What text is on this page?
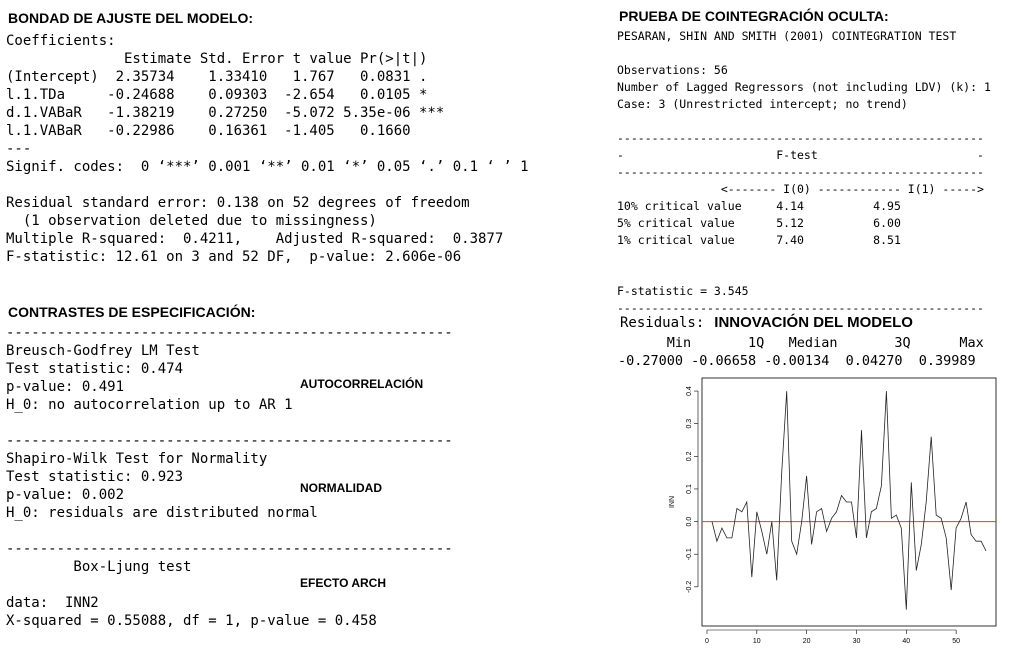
BONDAD DE AJUSTE DEL MODELO:
Coefficients:
Estimate Std. Error t value Pr(>|t|)
(Intercept)  2.35734    1.33410   1.767   0.0831 .
l.1.TDa     -0.24688    0.09303  -2.654   0.0105 *
d.1.VABaR   -1.38219    0.27250  -5.072 5.35e-06 ***
l.1.VABaR   -0.22986    0.16361  -1.405   0.1660
---
Signif. codes:  0 ‘***’ 0.001 ‘**’ 0.01 ‘*’ 0.05 ‘.’ 0.1 ‘ ’ 1

Residual standard error: 0.138 on 52 degrees of freedom
(1 observation deleted due to missingness)
Multiple R-squared:  0.4211,    Adjusted R-squared:  0.3877
F-statistic: 12.61 on 3 and 52 DF,  p-value: 2.606e-06
CONTRASTES DE ESPECIFICACIÓN:
-----------------------------------------------------
Breusch-Godfrey LM Test
Test statistic: 0.474
p-value: 0.491
H_0: no autocorrelation up to AR 1
AUTOCORRELACIÓN
-----------------------------------------------------
Shapiro-Wilk Test for Normality
Test statistic: 0.923
p-value: 0.002
H_0: residuals are distributed normal
NORMALIDAD
-----------------------------------------------------
Box-Ljung test

data:  INN2
X-squared = 0.55088, df = 1, p-value = 0.458
EFECTO ARCH
PRUEBA DE COINTEGRACIÓN OCULTA:
PESARAN, SHIN AND SMITH (2001) COINTEGRATION TEST

Observations: 56
Number of Lagged Regressors (not including LDV) (k): 1
Case: 3 (Unrestricted intercept; no trend)

-----------------------------------------------------
-                      F-test                       -
-----------------------------------------------------
<------- I(0) ------------ I(1) ----->
10% critical value     4.14          4.95
5% critical value      5.12          6.00
1% critical value      7.40          8.51

F-statistic = 3.545
-----------------------------------------------------
Residuals: INNOVACIÓN DEL MODELO
Min       1Q   Median       3Q      Max
-0.27000 -0.06658 -0.00134  0.04270  0.39989
0	10	20	30	40	50
-0.2
-0.1
0.0
0.1
0.2
0.3
0.4
INN
